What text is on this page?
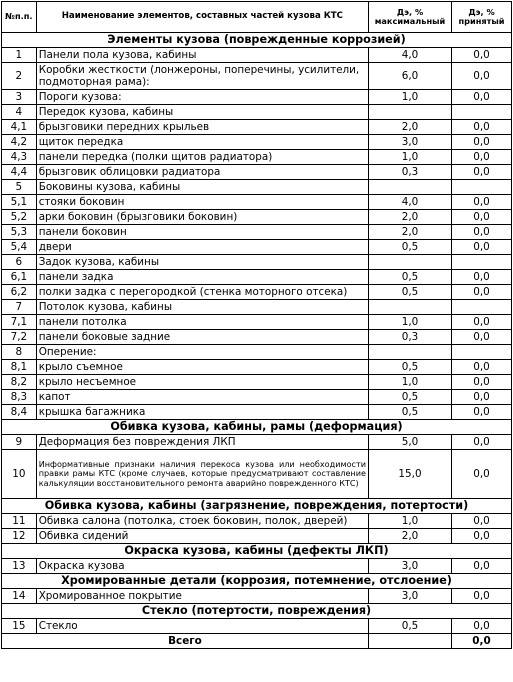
№п.п.	Наименование элементов, составных частей кузова КТС	Дэ, % максимальный	Дэ, % принятый
Элементы кузова (поврежденные коррозией)			
1	Панели пола кузова, кабины	4,0	0,0
2	Коробки жесткости (лонжероны, поперечины, усилители, подмоторная рама):	6,0	0,0
3	Пороги кузова:	1,0	0,0
4	Передок кузова, кабины		
4,1	брызговики передних крыльев	2,0	0,0
4,2	щиток передка	3,0	0,0
4,3	панели передка (полки щитов радиатора)	1,0	0,0
4,4	брызговик облицовки радиатора	0,3	0,0
5	Боковины кузова, кабины		
5,1	стояки боковин	4,0	0,0
5,2	арки боковин (брызговики боковин)	2,0	0,0
5,3	панели боковин	2,0	0,0
5,4	двери	0,5	0,0
6	Задок кузова, кабины		
6,1	панели задка	0,5	0,0
6,2	полки задка с перегородкой (стенка моторного отсека)	0,5	0,0
7	Потолок кузова, кабины		
7,1	панели потолка	1,0	0,0
7,2	панели боковые задние	0,3	0,0
8	Оперение:		
8,1	крыло съемное	0,5	0,0
8,2	крыло несъемное	1,0	0,0
8,3	капот	0,5	0,0
8,4	крышка багажника	0,5	0,0
Обивка кузова, кабины, рамы (деформация)			
9	Деформация без повреждения ЛКП	5,0	0,0
10	Информативные признаки наличия перекоса кузова или необходимости правки рамы КТС (кроме случаев, которые предусматривают составление калькуляции восстановительного ремонта аварийно поврежденного КТС)	15,0	0,0
Обивка кузова, кабины (загрязнение, повреждения, потертости)			
11	Обивка салона (потолка, стоек боковин, полок, дверей)	1,0	0,0
12	Обивка сидений	2,0	0,0
Окраска кузова, кабины (дефекты ЛКП)			
13	Окраска кузова	3,0	0,0
Хромированные детали (коррозия, потемнение, отслоение)			
14	Хромированное покрытие	3,0	0,0
Стекло (потертости, повреждения)			
15	Стекло	0,5	0,0
Всего			0,0
